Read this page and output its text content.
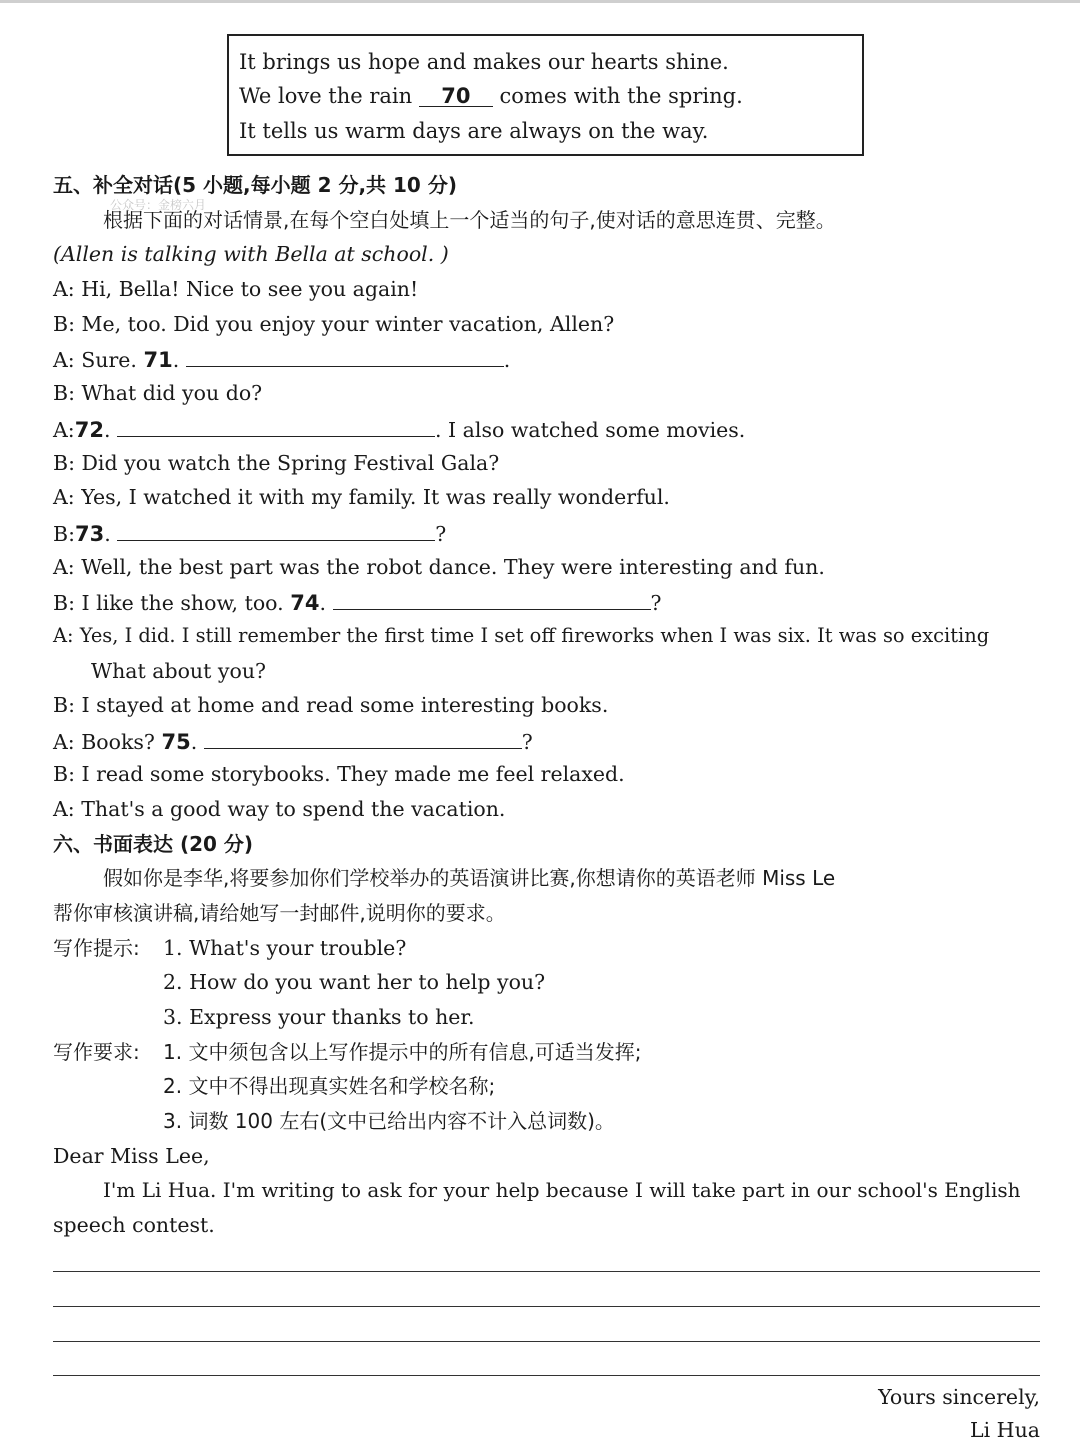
It brings us hope and makes our hearts shine.
We love the rain 70 comes with the spring.
It tells us warm days are always on the way.
五、补全对话(5 小题,每小题 2 分,共 10 分)
公众号：金榜六月
根据下面的对话情景,在每个空白处填上一个适当的句子,使对话的意思连贯、完整。
(Allen is talking with Bella at school. )
A: Hi, Bella! Nice to see you again!
B: Me, too. Did you enjoy your winter vacation, Allen?
A: Sure. 71.	.
B: What did you do?
A:72.	. I also watched some movies.
B: Did you watch the Spring Festival Gala?
A: Yes, I watched it with my family. It was really wonderful.
B:73.	?
A: Well, the best part was the robot dance. They were interesting and fun.
B: I like the show, too. 74.	?
A: Yes, I did. I still remember the first time I set off fireworks when I was six. It was so exciting
What about you?
B: I stayed at home and read some interesting books.
A: Books? 75.	?
B: I read some storybooks. They made me feel relaxed.
A: That's a good way to spend the vacation.
六、书面表达 (20 分)
假如你是李华,将要参加你们学校举办的英语演讲比赛,你想请你的英语老师 Miss Le
帮你审核演讲稿,请给她写一封邮件,说明你的要求。
写作提示: 1. What's your trouble?
2. How do you want her to help you?
3. Express your thanks to her.
写作要求: 1. 文中须包含以上写作提示中的所有信息,可适当发挥;
2. 文中不得出现真实姓名和学校名称;
3. 词数 100 左右(文中已给出内容不计入总词数)。
Dear Miss Lee,
I'm Li Hua. I'm writing to ask for your help because I will take part in our school's English
speech contest.
Yours sincerely,
Li Hua
